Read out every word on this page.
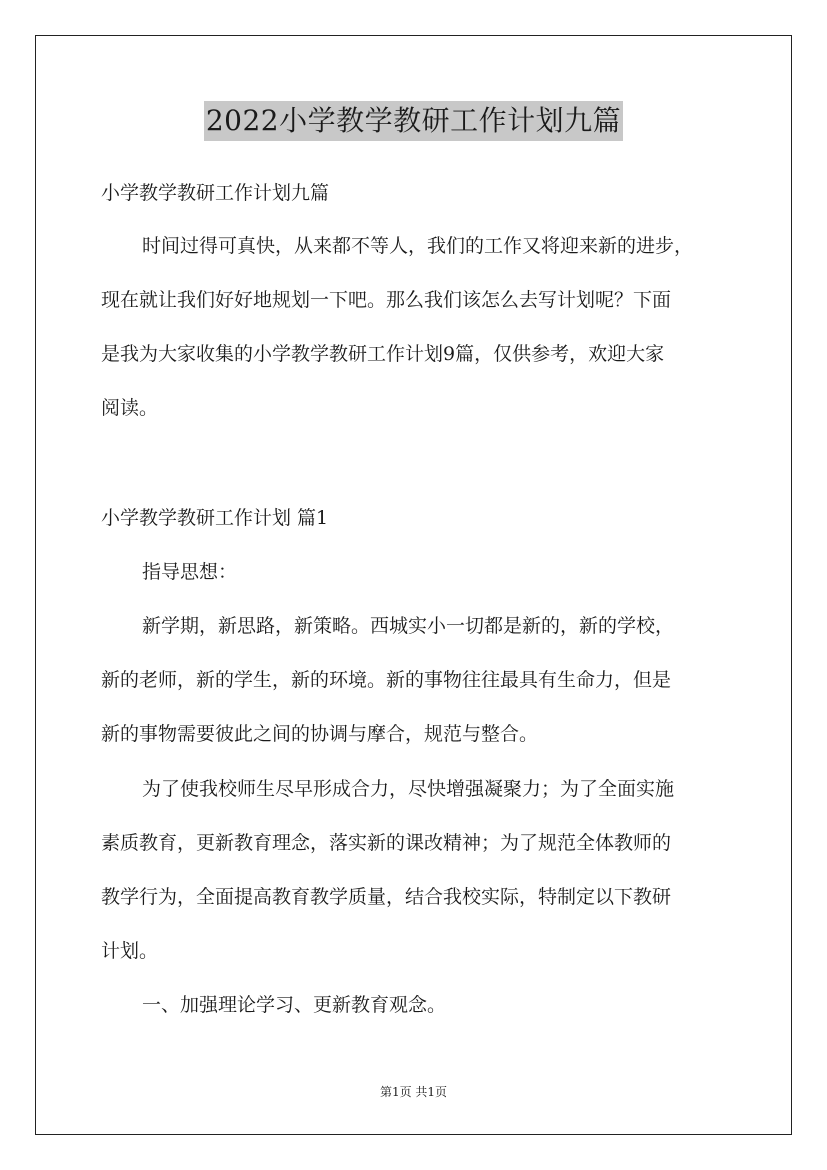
2022小学教学教研工作计划九篇
小学教学教研工作计划九篇
时间过得可真快，从来都不等人，我们的工作又将迎来新的进步，
现在就让我们好好地规划一下吧。那么我们该怎么去写计划呢？下面
是我为大家收集的小学教学教研工作计划9篇，仅供参考，欢迎大家
阅读。
小学教学教研工作计划 篇1
指导思想：
新学期，新思路，新策略。西城实小一切都是新的，新的学校，
新的老师，新的学生，新的环境。新的事物往往最具有生命力，但是
新的事物需要彼此之间的协调与摩合，规范与整合。
为了使我校师生尽早形成合力，尽快增强凝聚力；为了全面实施
素质教育，更新教育理念，落实新的课改精神；为了规范全体教师的
教学行为，全面提高教育教学质量，结合我校实际，特制定以下教研
计划。
一、加强理论学习、更新教育观念。
第1页 共1页
